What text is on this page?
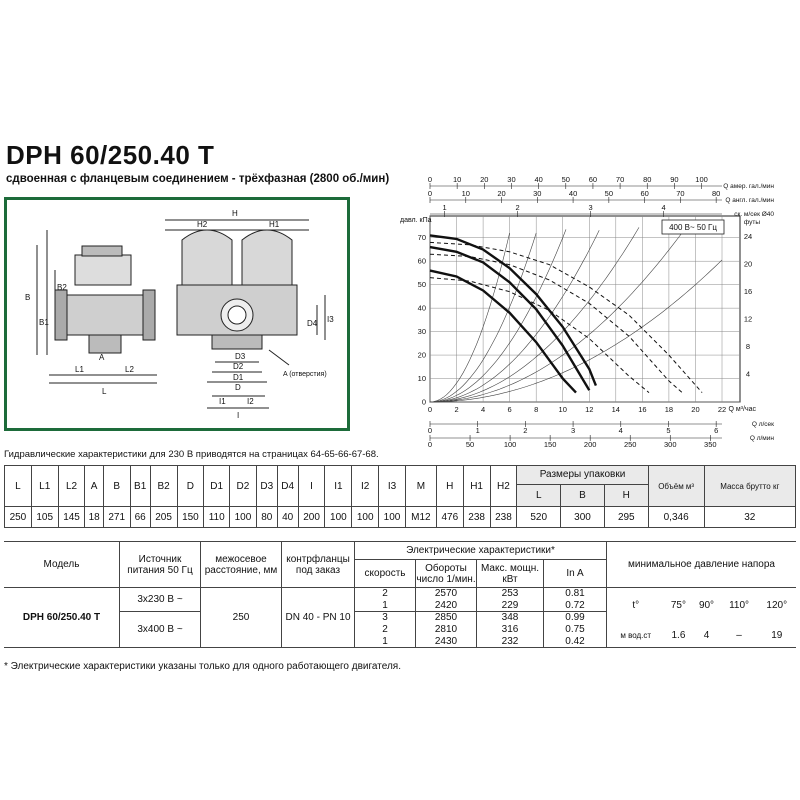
DPH 60/250.40 T
сдвоенная с фланцевым соединением - трёхфазная (2800 об./мин)
H
H2	H1
B
B1
B2
A
L1	L2
L
D3
D2
D1
D
I1	I2
I
D4 I3
A (отверстия)
0
10
20
30
40
50
60
70
0	2	4	6	8	10 12 14 16 18 20 22 Q м³/час
давл. кПа
0	10	20	30	40	50	60	70	80	90 100
Q амер. гал./мин
0	10	20	30	40	50	60	70	80
Q англ. гал./мин
1	2	3	4
ск. м/сек Ø40
0	1	2	3	4	5	6
Q л/сек
0	50	100	150	200	250	300	350
Q л/мин
4
8
12
16
20
24
футы
400 В~ 50 Гц
Гидравлические характеристики для 230 В приводятся на страницах 64-65-66-67-68.
L	L1	L2	A	B	B1	B2	D	D1	D2	D3	D4	I	I1	I2	I3	M	H	H1	H2	Размеры упаковки
L B H			Объём м³	Масса брутто кг
250	105	145	18	271	66	205	150	110	100	80	40	200	100	100	100	M12	476	238	238	520	300	295	0,346	32
Модель	Источник питания 50 Гц	межосевое расстояние, мм	контрфланцы под заказ	Электрические характеристики*				минимальное давление напора				
				скорость	Обороты число 1/мин.	Макс. мощн. кВт	In A					
DPH 60/250.40 T	3x230 В ~	250	DN 40 - PN 10	2	2570	253	0.81	t°	75°	90°	110°	120°
				1	2420	229	0.72					
	3x400 В ~			3	2850	348	0.99					
				2	2810	316	0.75	м вод.ст	1.6	4	–	19
				1	2430	232	0.42					
* Электрические характеристики указаны только для одного работающего двигателя.
